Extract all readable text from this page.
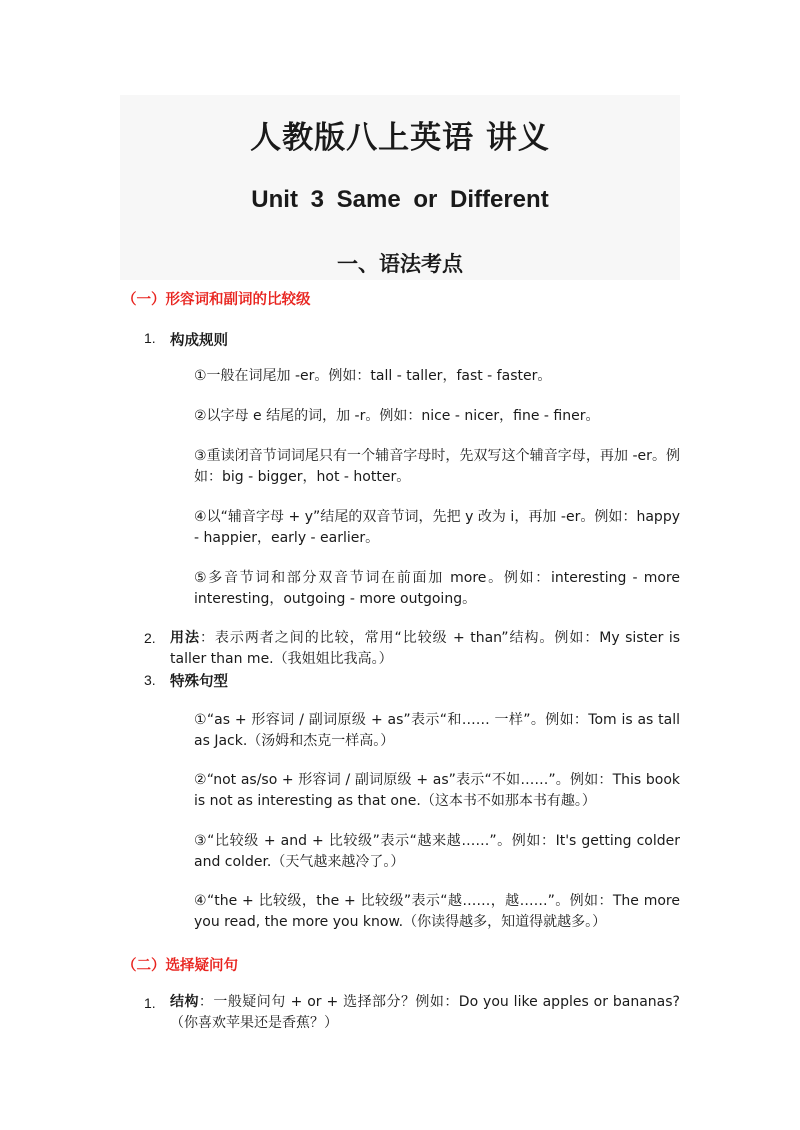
人教版八上英语 讲义
Unit 3 Same or Different
一、语法考点
（一）形容词和副词的比较级
1. 构成规则

①一般在词尾加 -er。例如：tall - taller，fast - faster。

②以字母 e 结尾的词，加 -r。例如：nice - nicer，fine - finer。

③重读闭音节词词尾只有一个辅音字母时，先双写这个辅音字母，再加 -er。例如：big - bigger，hot - hotter。

④以“辅音字母 + y”结尾的双音节词，先把 y 改为 i，再加 -er。例如：happy - happier，early - earlier。

⑤多音节词和部分双音节词在前面加 more。例如：interesting - more interesting，outgoing - more outgoing。

2. 用法：表示两者之间的比较，常用“比较级 + than”结构。例如：My sister is taller than me.（我姐姐比我高。）

3. 特殊句型

①“as + 形容词 / 副词原级 + as”表示“和…… 一样”。例如：Tom is as tall as Jack.（汤姆和杰克一样高。）

②“not as/so + 形容词 / 副词原级 + as”表示“不如……”。例如：This book is not as interesting as that one.（这本书不如那本书有趣。）

③“比较级 + and + 比较级”表示“越来越……”。例如：It's getting colder and colder.（天气越来越冷了。）

④“the + 比较级，the + 比较级”表示“越……，越……”。例如：The more you read, the more you know.（你读得越多，知道得就越多。）

（二）选择疑问句
1. 结构：一般疑问句 + or + 选择部分？例如：Do you like apples or bananas?（你喜欢苹果还是香蕉？）
